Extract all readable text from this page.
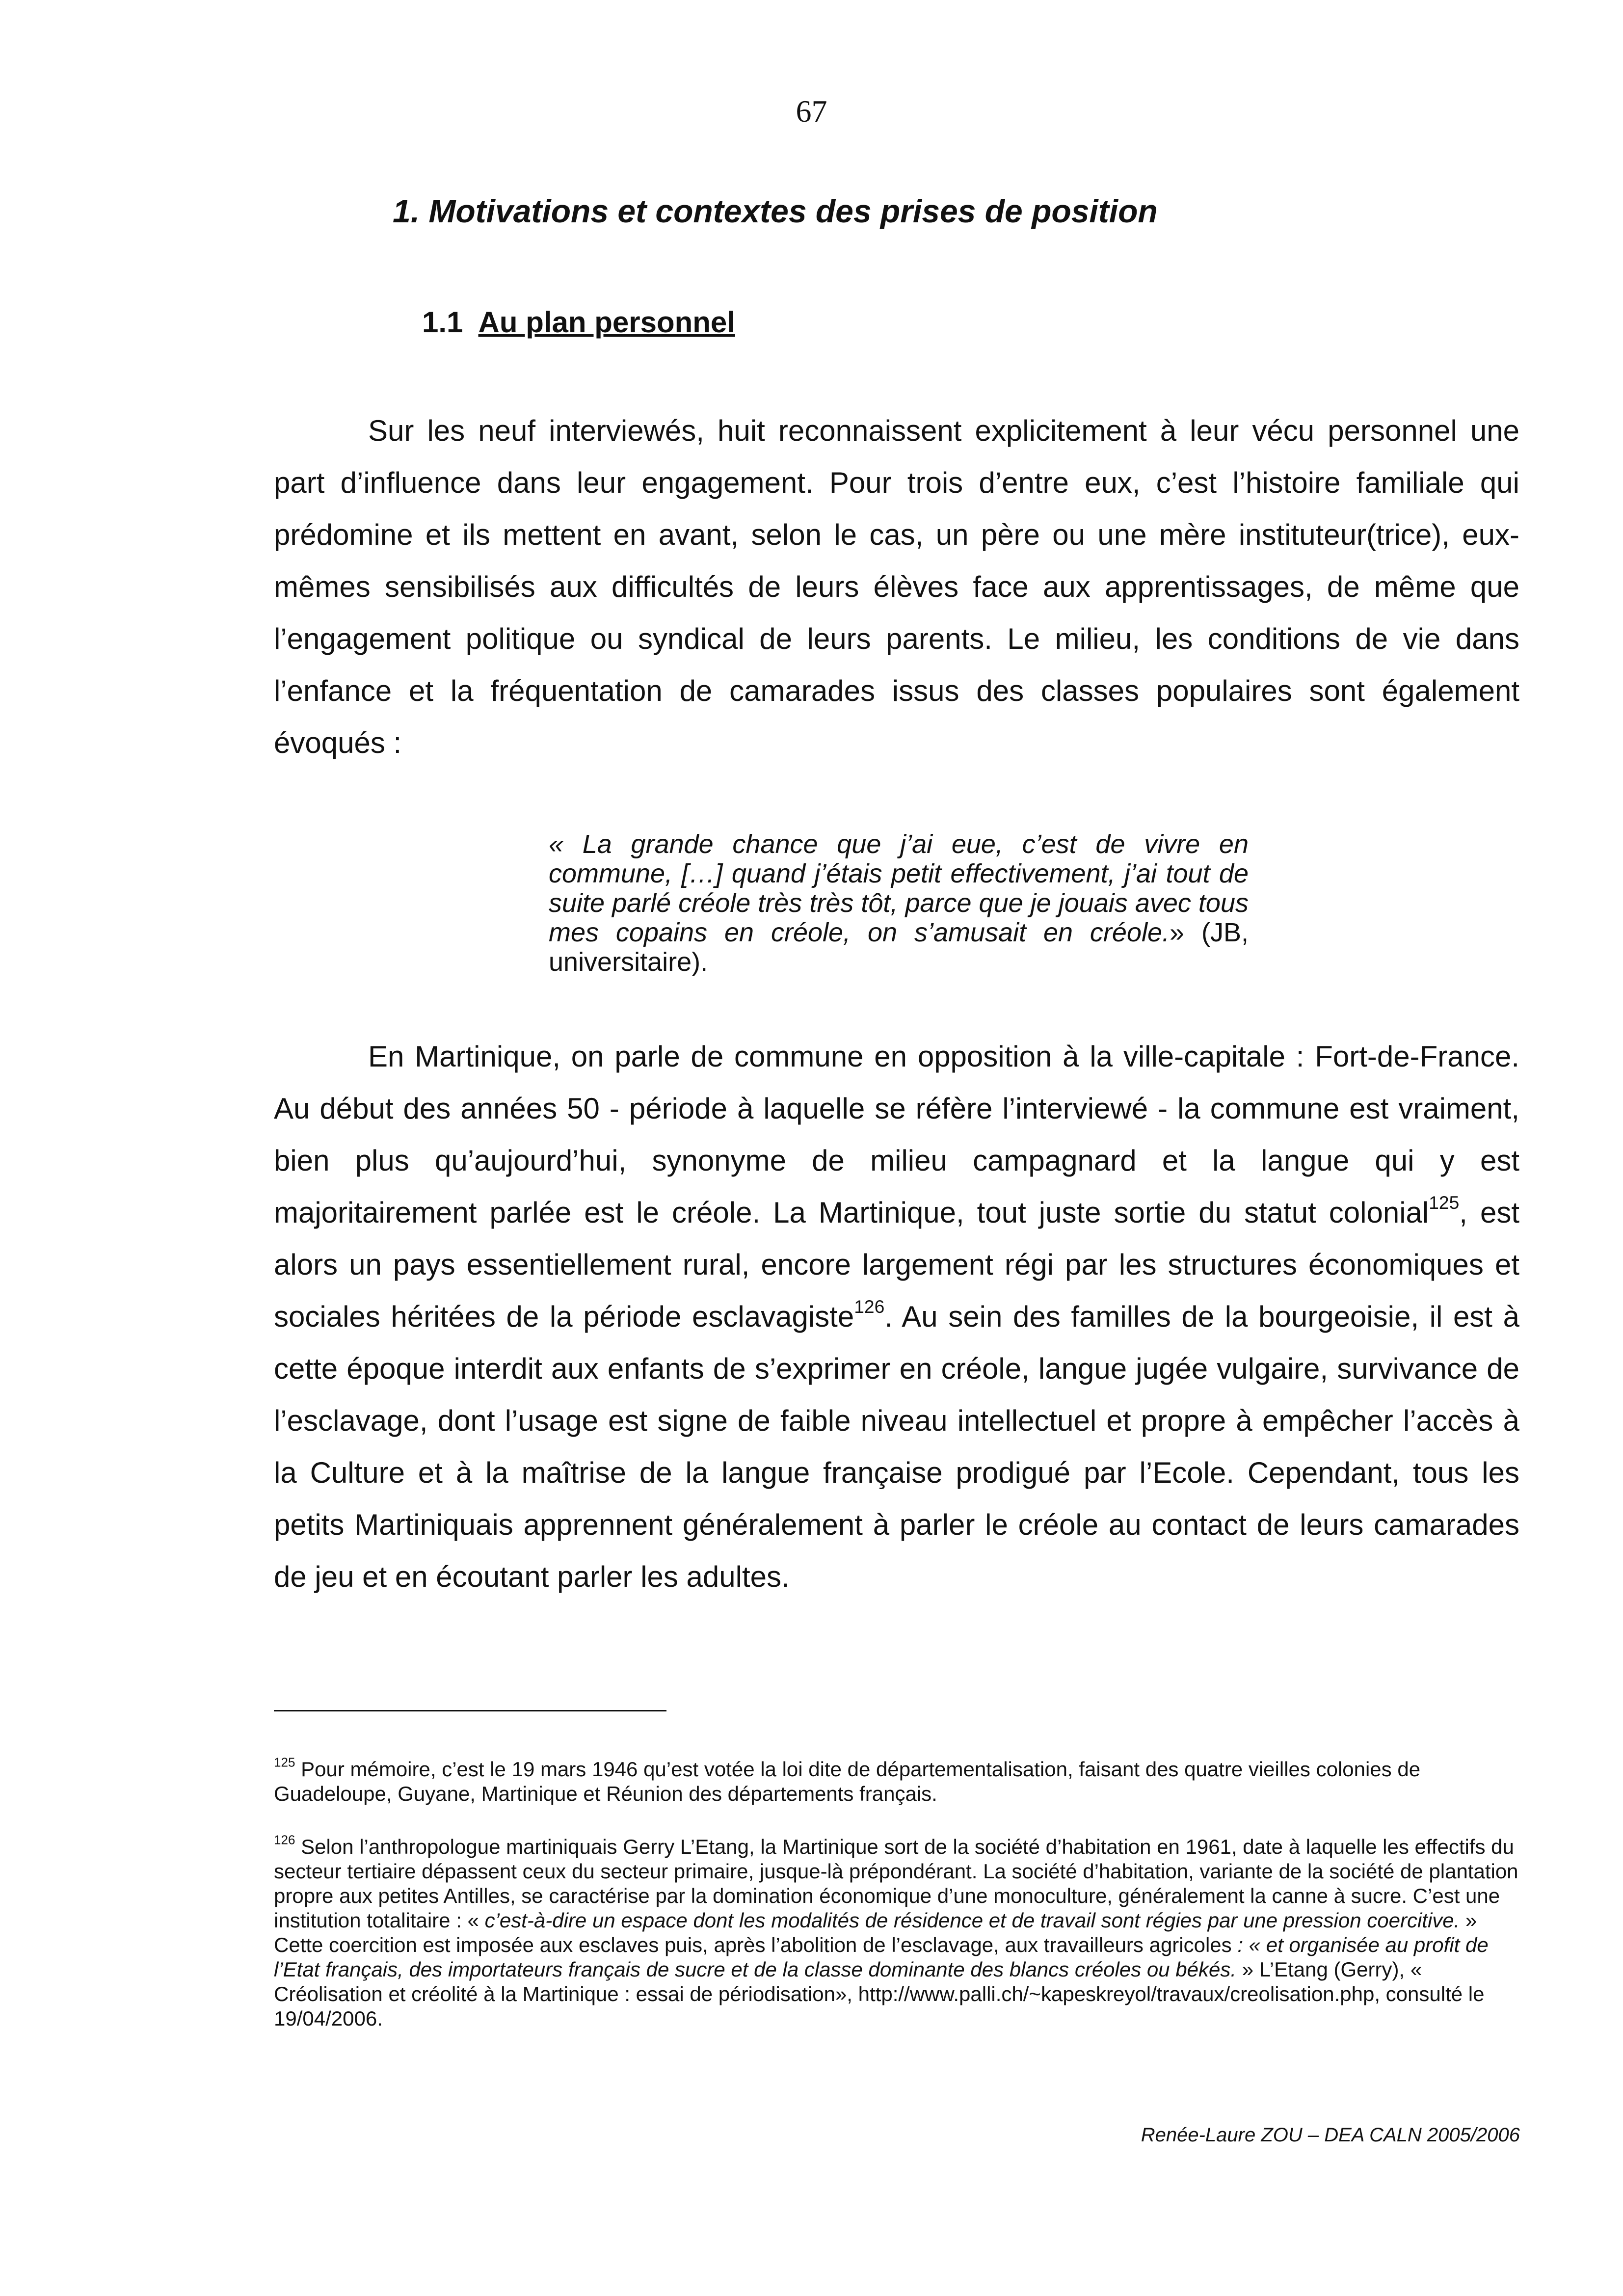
67
1. Motivations et contextes des prises de position
1.1 Au plan personnel

Sur les neuf interviewés, huit reconnaissent explicitement à leur vécu personnel une part d’influence dans leur engagement. Pour trois d’entre eux, c’est l’histoire familiale qui prédomine et ils mettent en avant, selon le cas, un père ou une mère instituteur(trice), eux-mêmes sensibilisés aux difficultés de leurs élèves face aux apprentissages, de même que l’engagement politique ou syndical de leurs parents. Le milieu, les conditions de vie dans l’enfance et la fréquentation de camarades issus des classes populaires sont également évoqués :

« La grande chance que j’ai eue, c’est de vivre en commune, […] quand j’étais petit effectivement, j’ai tout de suite parlé créole très très tôt, parce que je jouais avec tous mes copains en créole, on s’amusait en créole.» (JB, universitaire).

En Martinique, on parle de commune en opposition à la ville-capitale : Fort-de-France. Au début des années 50 - période à laquelle se réfère l’interviewé - la commune est vraiment, bien plus qu’aujourd’hui, synonyme de milieu campagnard et la langue qui y est majoritairement parlée est le créole. La Martinique, tout juste sortie du statut colonial$^{125}$, est alors un pays essentiellement rural, encore largement régi par les structures économiques et sociales héritées de la période esclavagiste$^{126}$. Au sein des familles de la bourgeoisie, il est à cette époque interdit aux enfants de s’exprimer en créole, langue jugée vulgaire, survivance de l’esclavage, dont l’usage est signe de faible niveau intellectuel et propre à empêcher l’accès à la Culture et à la maîtrise de la langue française prodigué par l’Ecole. Cependant, tous les petits Martiniquais apprennent généralement à parler le créole au contact de leurs camarades de jeu et en écoutant parler les adultes.

$^{125}$ Pour mémoire, c’est le 19 mars 1946 qu’est votée la loi dite de départementalisation, faisant des quatre vieilles colonies de Guadeloupe, Guyane, Martinique et Réunion des départements français.

$^{126}$ Selon l’anthropologue martiniquais Gerry L’Etang, la Martinique sort de la société d’habitation en 1961, date à laquelle les effectifs du secteur tertiaire dépassent ceux du secteur primaire, jusque-là prépondérant. La société d’habitation, variante de la société de plantation propre aux petites Antilles, se caractérise par la domination économique d’une monoculture, généralement la canne à sucre. C’est une institution totalitaire : « c’est-à-dire un espace dont les modalités de résidence et de travail sont régies par une pression coercitive. » Cette coercition est imposée aux esclaves puis, après l’abolition de l’esclavage, aux travailleurs agricoles : « et organisée au profit de l’Etat français, des importateurs français de sucre et de la classe dominante des blancs créoles ou békés. » L’Etang (Gerry), « Créolisation et créolité à la Martinique : essai de périodisation», http://www.palli.ch/~kapeskreyol/travaux/creolisation.php, consulté le 19/04/2006.

Renée-Laure ZOU – DEA CALN 2005/2006
